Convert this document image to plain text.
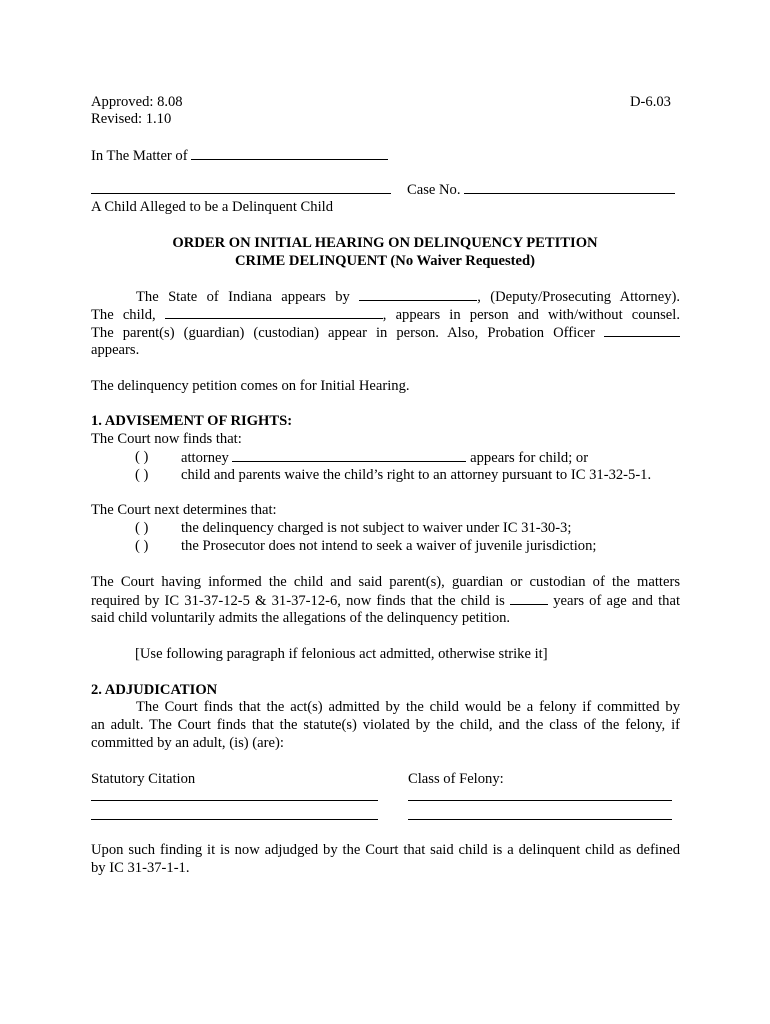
Approved: 8.08
Revised: 1.10
D-6.03
In The Matter of
Case No.
A Child Alleged to be a Delinquent Child
ORDER ON INITIAL HEARING ON DELINQUENCY PETITION
CRIME DELINQUENT (No Waiver Requested)
The State of Indiana appears by	, (Deputy/Prosecuting Attorney).
The child,	, appears in person and with/without counsel.
The parent(s) (guardian) (custodian) appear in person. Also, Probation Officer
appears.
The delinquency petition comes on for Initial Hearing.
1. ADVISEMENT OF RIGHTS:
The Court now finds that:
( ) attorney	appears for child; or
( ) child and parents waive the child’s right to an attorney pursuant to IC 31-32-5-1.
The Court next determines that:
( ) the delinquency charged is not subject to waiver under IC 31-30-3;
( ) the Prosecutor does not intend to seek a waiver of juvenile jurisdiction;
The Court having informed the child and said parent(s), guardian or custodian of the matters
required by IC 31-37-12-5 & 31-37-12-6, now finds that the child is	years of age and that
said child voluntarily admits the allegations of the delinquency petition.
[Use following paragraph if felonious act admitted, otherwise strike it]
2. ADJUDICATION
The Court finds that the act(s) admitted by the child would be a felony if committed by
an adult. The Court finds that the statute(s) violated by the child, and the class of the felony, if
committed by an adult, (is) (are):
Statutory Citation	Class of Felony:
Upon such finding it is now adjudged by the Court that said child is a delinquent child as defined
by IC 31-37-1-1.
